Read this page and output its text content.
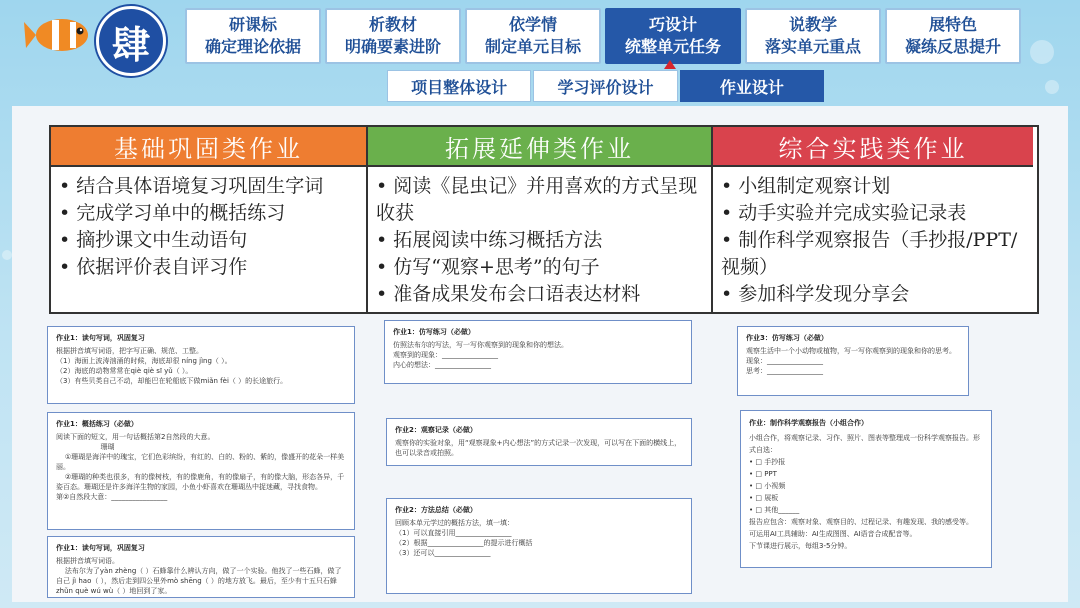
肆	研课标
确定理论依据
析教材
明确要素进阶
依学情
制定单元目标
巧设计
统整单元任务
说教学
落实单元重点
展特色
凝练反思提升
项目整体设计	学习评价设计	作业设计
基础巩固类作业
• 结合具体语境复习巩固生字词
• 完成学习单中的概括练习
• 摘抄课文中生动语句
• 依据评价表自评习作
拓展延伸类作业
• 阅读《昆虫记》并用喜欢的方式呈现收获
• 拓展阅读中练习概括方法
• 仿写“观察+思考”的句子
• 准备成果发布会口语表达材料
综合实践类作业
• 小组制定观察计划
• 动手实验并完成实验记录表
• 制作科学观察报告（手抄报/PPT/视频）
• 参加科学发现分享会
作业1：读句写词，巩固复习
根据拼音填写词语，把字写正确、规范、工整。
（1）海面上波涛汹涌的时候，海底却很 níng jìng（ ）。
（2）海底的动物常常在qiè qiè sī yǔ（ ）。
（3）有些贝类自己不动，却能巴在轮船底下做miǎn fèi（ ）的长途旅行。
作业1：概括练习（必做）
阅读下面的短文，用一句话概括第2自然段的大意。
珊瑚
①珊瑚是海洋中的瑰宝，它们色彩缤纷，有红的、白的、粉的、紫的，像盛开的花朵一样美丽。
②珊瑚的种类也很多，有的像树枝，有的像鹿角，有的像扇子，有的像大脑，形态各异，千姿百态。珊瑚还是许多海洋生物的家园，小鱼小虾喜欢在珊瑚丛中捉迷藏，寻找食物。
第②自然段大意：________________
作业1：读句写词，巩固复习
根据拼音填写词语。
法布尔为了yàn zhèng（ ）石蜂靠什么辨认方向，做了一个实验。他找了一些石蜂，做了自己 jì hao（ ），然后走到四公里外mò shēng（ ）的地方放飞。最后，至少有十五只石蜂zhǔn què wú wù（ ）地回到了家。
作业1：仿写练习（必做）
仿照法布尔的写法，写一写你观察到的现象和你的想法。
观察到的现象：________________
内心的想法：________________
作业2：观察记录（必做）
观察你的实验对象，用“观察现象+内心想法”的方式记录一次发现，可以写在下面的横线上，也可以录音或拍照。
作业2：方法总结（必做）
回顾本单元学过的概括方法，填一填：
（1）可以直接引用________________
（2）根据________________的提示进行概括
（3）还可以________________
作业3：仿写练习（必做）
观察生活中一个小动物或植物，写一写你观察到的现象和你的思考。
现象：________________
思考：________________
作业：制作科学观察报告（小组合作）
小组合作，将观察记录、习作、照片、图表等整理成一份科学观察报告。形式自选：
• □ 手抄报
• □ PPT
• □ 小视频
• □ 展板
• □ 其他______
报告应包含：观察对象、观察目的、过程记录、有趣发现、我的感受等。
可运用AI工具辅助：AI生成图图、AI语音合成配音等。
下节课进行展示，每组3-5分钟。
